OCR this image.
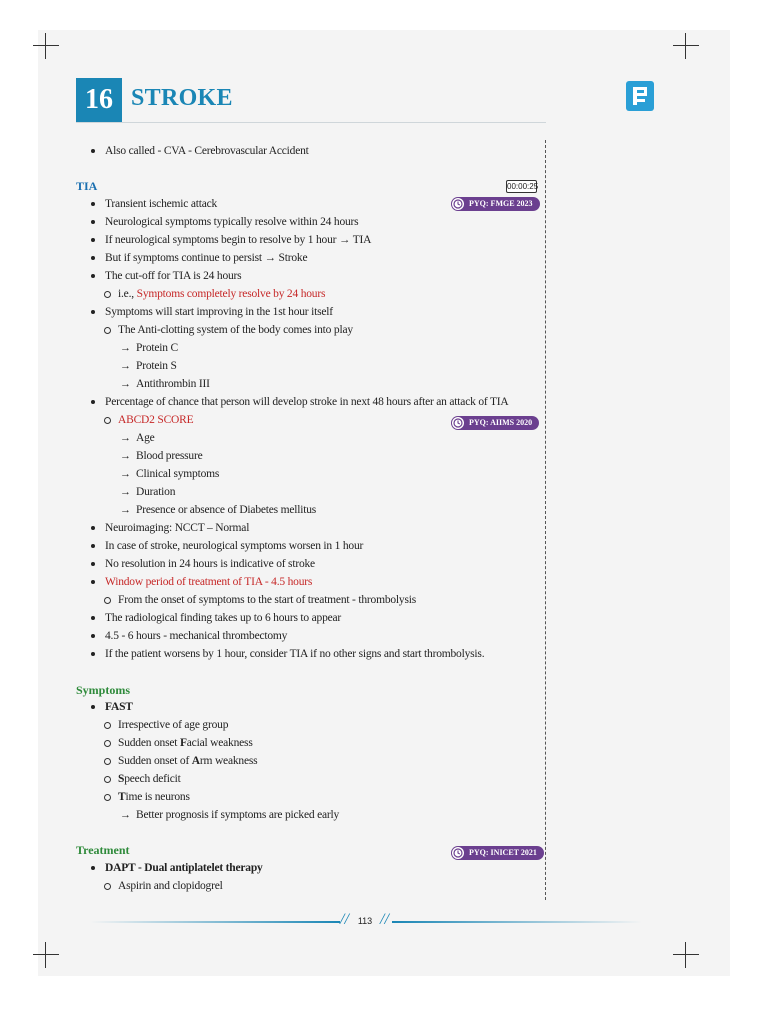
16 STROKE
Also called - CVA - Cerebrovascular Accident
TIA	00:00:25
PYQ: FMGE 2023
Transient ischemic attack
Neurological symptoms typically resolve within 24 hours
If neurological symptoms begin to resolve by 1 hour → TIA
But if symptoms continue to persist → Stroke
The cut-off for TIA is 24 hours
i.e., Symptoms completely resolve by 24 hours
Symptoms will start improving in the 1st hour itself
The Anti-clotting system of the body comes into play
→ Protein C
→ Protein S
→ Antithrombin III
Percentage of chance that person will develop stroke in next 48 hours after an attack of TIA
PYQ: AIIMS 2020
ABCD2 SCORE
→ Age
→ Blood pressure
→ Clinical symptoms
→ Duration
→ Presence or absence of Diabetes mellitus
Neuroimaging: NCCT – Normal
In case of stroke, neurological symptoms worsen in 1 hour
No resolution in 24 hours is indicative of stroke
Window period of treatment of TIA - 4.5 hours
From the onset of symptoms to the start of treatment - thrombolysis
The radiological finding takes up to 6 hours to appear
4.5 - 6 hours - mechanical thrombectomy
If the patient worsens by 1 hour, consider TIA if no other signs and start thrombolysis.
Symptoms
FAST
Irrespective of age group
Sudden onset Facial weakness
Sudden onset of Arm weakness
Speech deficit
Time is neurons
→ Better prognosis if symptoms are picked early
Treatment	PYQ: INICET 2021
DAPT - Dual antiplatelet therapy
Aspirin and clopidogrel
// 113 //
